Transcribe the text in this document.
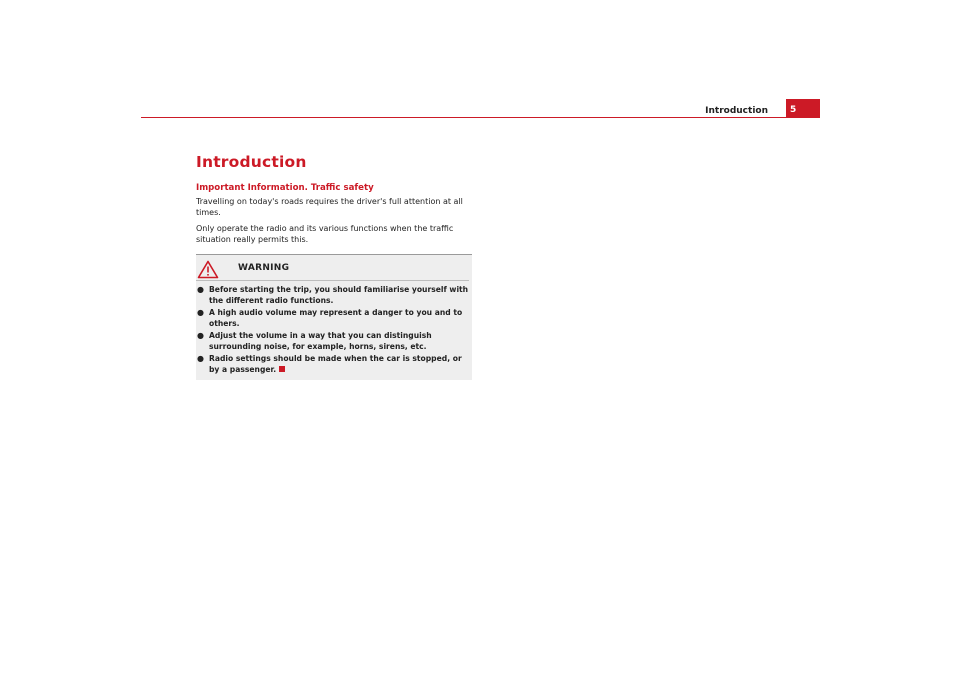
Introduction	5
Introduction
Important Information. Traffic safety

Travelling on today's roads requires the driver's full attention at all times.

Only operate the radio and its various functions when the traffic situation really permits this.

WARNING
● Before starting the trip, you should familiarise yourself with the different radio functions.
● A high audio volume may represent a danger to you and to others.
● Adjust the volume in a way that you can distinguish surrounding noise, for example, horns, sirens, etc.
● Radio settings should be made when the car is stopped, or by a passenger.
